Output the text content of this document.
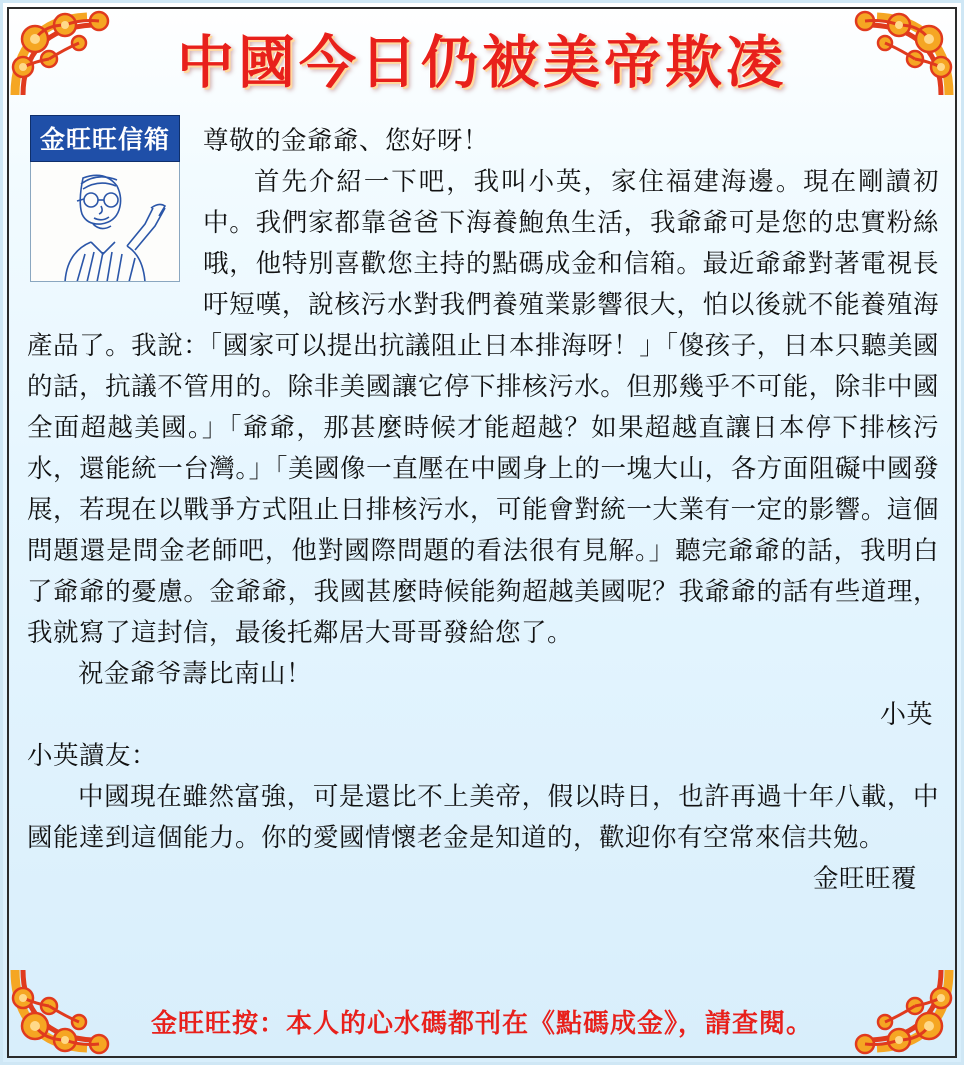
中國今日仍被美帝欺凌
金旺旺信箱	尊敬的金爺爺、您好呀！

首先介紹一下吧，我叫小英，家住福建海邊。現在剛讀初中。我們家都靠爸爸下海養鮑魚生活，我爺爺可是您的忠實粉絲哦，他特別喜歡您主持的點碼成金和信箱。最近爺爺對著電視長吁短嘆，說核污水對我們養殖業影響很大，怕以後就不能養殖海產品了。我說：「國家可以提出抗議阻止日本排海呀！」「傻孩子，日本只聽美國的話，抗議不管用的。除非美國讓它停下排核污水。但那幾乎不可能，除非中國全面超越美國。」「爺爺，那甚麼時候才能超越？如果超越直讓日本停下排核污水，還能統一台灣。」「美國像一直壓在中國身上的一塊大山，各方面阻礙中國發展，若現在以戰爭方式阻止日排核污水，可能會對統一大業有一定的影響。這個問題還是問金老師吧，他對國際問題的看法很有見解。」聽完爺爺的話，我明白了爺爺的憂慮。金爺爺，我國甚麼時候能夠超越美國呢？我爺爺的話有些道理，我就寫了這封信，最後托鄰居大哥哥發給您了。

祝金爺爷壽比南山！

小英

小英讀友：

中國現在雖然富強，可是還比不上美帝，假以時日，也許再過十年八載，中國能達到這個能力。你的愛國情懷老金是知道的，歡迎你有空常來信共勉。

金旺旺覆

金旺旺按：本人的心水碼都刊在《點碼成金》，請查閱。
